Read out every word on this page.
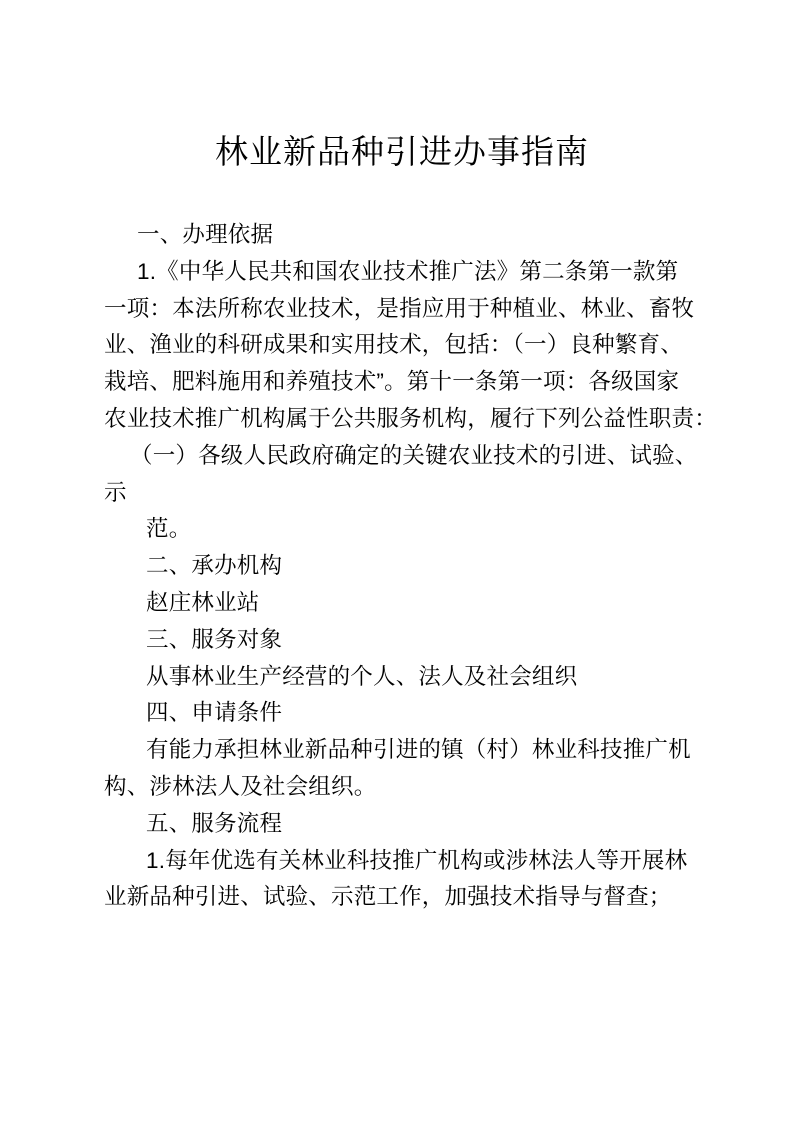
林业新品种引进办事指南
一、办理依据
1.《中华人民共和国农业技术推广法》第二条第一款第
一项：本法所称农业技术，是指应用于种植业、林业、畜牧
业、渔业的科研成果和实用技术，包括：（一）良种繁育、
栽培、肥料施用和养殖技术”。第十一条第一项：各级国家
农业技术推广机构属于公共服务机构，履行下列公益性职责：
（一）各级人民政府确定的关键农业技术的引进、试验、
示
范。
二、承办机构
赵庄林业站
三、服务对象
从事林业生产经营的个人、法人及社会组织
四、申请条件
有能力承担林业新品种引进的镇（村）林业科技推广机
构、涉林法人及社会组织。
五、服务流程
1.每年优选有关林业科技推广机构或涉林法人等开展林
业新品种引进、试验、示范工作，加强技术指导与督查；
